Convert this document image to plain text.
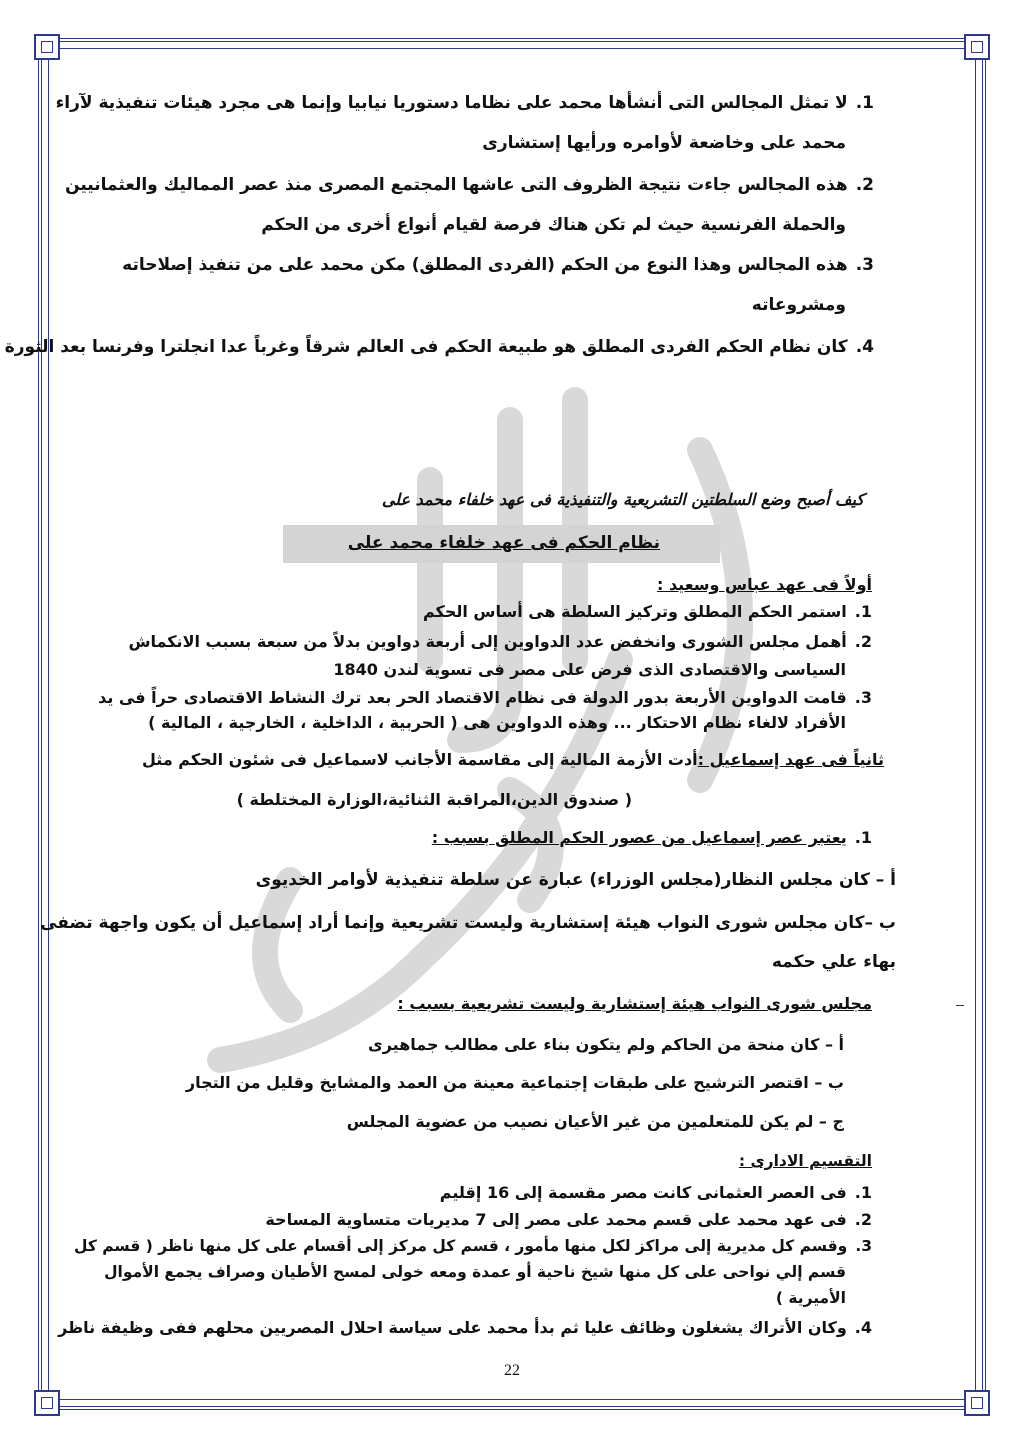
1.لا تمثل المجالس التى أنشأها محمد على نظاما دستوريا نيابيا وإنما هى مجرد هيئات تنفيذية لآراء
محمد على وخاضعة لأوامره ورأيها إستشارى
2.هذه المجالس جاءت نتيجة الظروف التى عاشها المجتمع المصرى منذ عصر المماليك والعثمانيين
والحملة الفرنسية حيث لم تكن هناك فرصة لقيام أنواع أخرى من الحكم
3.هذه المجالس وهذا النوع من الحكم (الفردى المطلق) مكن محمد على من تنفيذ إصلاحاته
ومشروعاته
4.كان نظام الحكم الفردى المطلق هو طبيعة الحكم فى العالم شرقاً وغرباً عدا انجلترا وفرنسا بعد الثورة
كيف أصبح وضع السلطتين التشريعية والتنفيذية فى عهد خلفاء محمد على
نظام الحكم فى عهد خلفاء محمد على
أولاً فى عهد عباس وسعيد :
1.استمر الحكم المطلق وتركيز السلطة هى أساس الحكم
2.أهمل مجلس الشورى وانخفض عدد الدواوين إلى أربعة دواوين بدلاً من سبعة بسبب الانكماش
السياسى والاقتصادى الذى فرض على مصر فى تسوية لندن 1840
3.قامت الدواوين الأربعة بدور الدولة فى نظام الاقتصاد الحر بعد ترك النشاط الاقتصادى حراً فى يد
الأفراد لالغاء نظام الاحتكار ... وهذه الدواوين هى ( الحربية ، الداخلية ، الخارجية ، المالية )
ثانياً فى عهد إسماعيل :أدت الأزمة المالية إلى مقاسمة الأجانب لاسماعيل فى شئون الحكم مثل
( صندوق الدين،المراقبة الثنائية،الوزارة المختلطة )
1.يعتبر عصر إسماعيل من عصور الحكم المطلق بسبب :
أ – كان مجلس النظار(مجلس الوزراء) عبارة عن سلطة تنفيذية لأوامر الخديوى
ب –كان مجلس شورى النواب هيئة إستشارية وليست تشريعية وإنما أراد إسماعيل أن يكون واجهة تضفى
بهاء علي حكمه
مجلس شورى النواب هيئة إستشارية وليست تشريعية بسبب :
أ – كان منحة من الحاكم ولم يتكون بناء على مطالب جماهيرى
ب – اقتصر الترشيح على طبقات إجتماعية معينة من العمد والمشايخ وقليل من التجار
ج – لم يكن للمتعلمين من غير الأعيان نصيب من عضوية المجلس
التقسيم الادارى :
1.فى العصر العثمانى كانت مصر مقسمة إلى 16 إقليم
2.فى عهد محمد على قسم محمد على مصر إلى 7 مديريات متساوية المساحة
3.وقسم كل مديرية إلى مراكز لكل منها مأمور ، قسم كل مركز إلى أقسام على كل منها ناظر ( قسم كل
قسم إلي نواحى على كل منها شيخ ناحية أو عمدة ومعه خولى لمسح الأطيان وصراف يجمع الأموال
الأميرية )
4.وكان الأتراك يشغلون وظائف عليا ثم بدأ محمد على سياسة احلال المصريين محلهم ففى وظيفة ناظر
22
